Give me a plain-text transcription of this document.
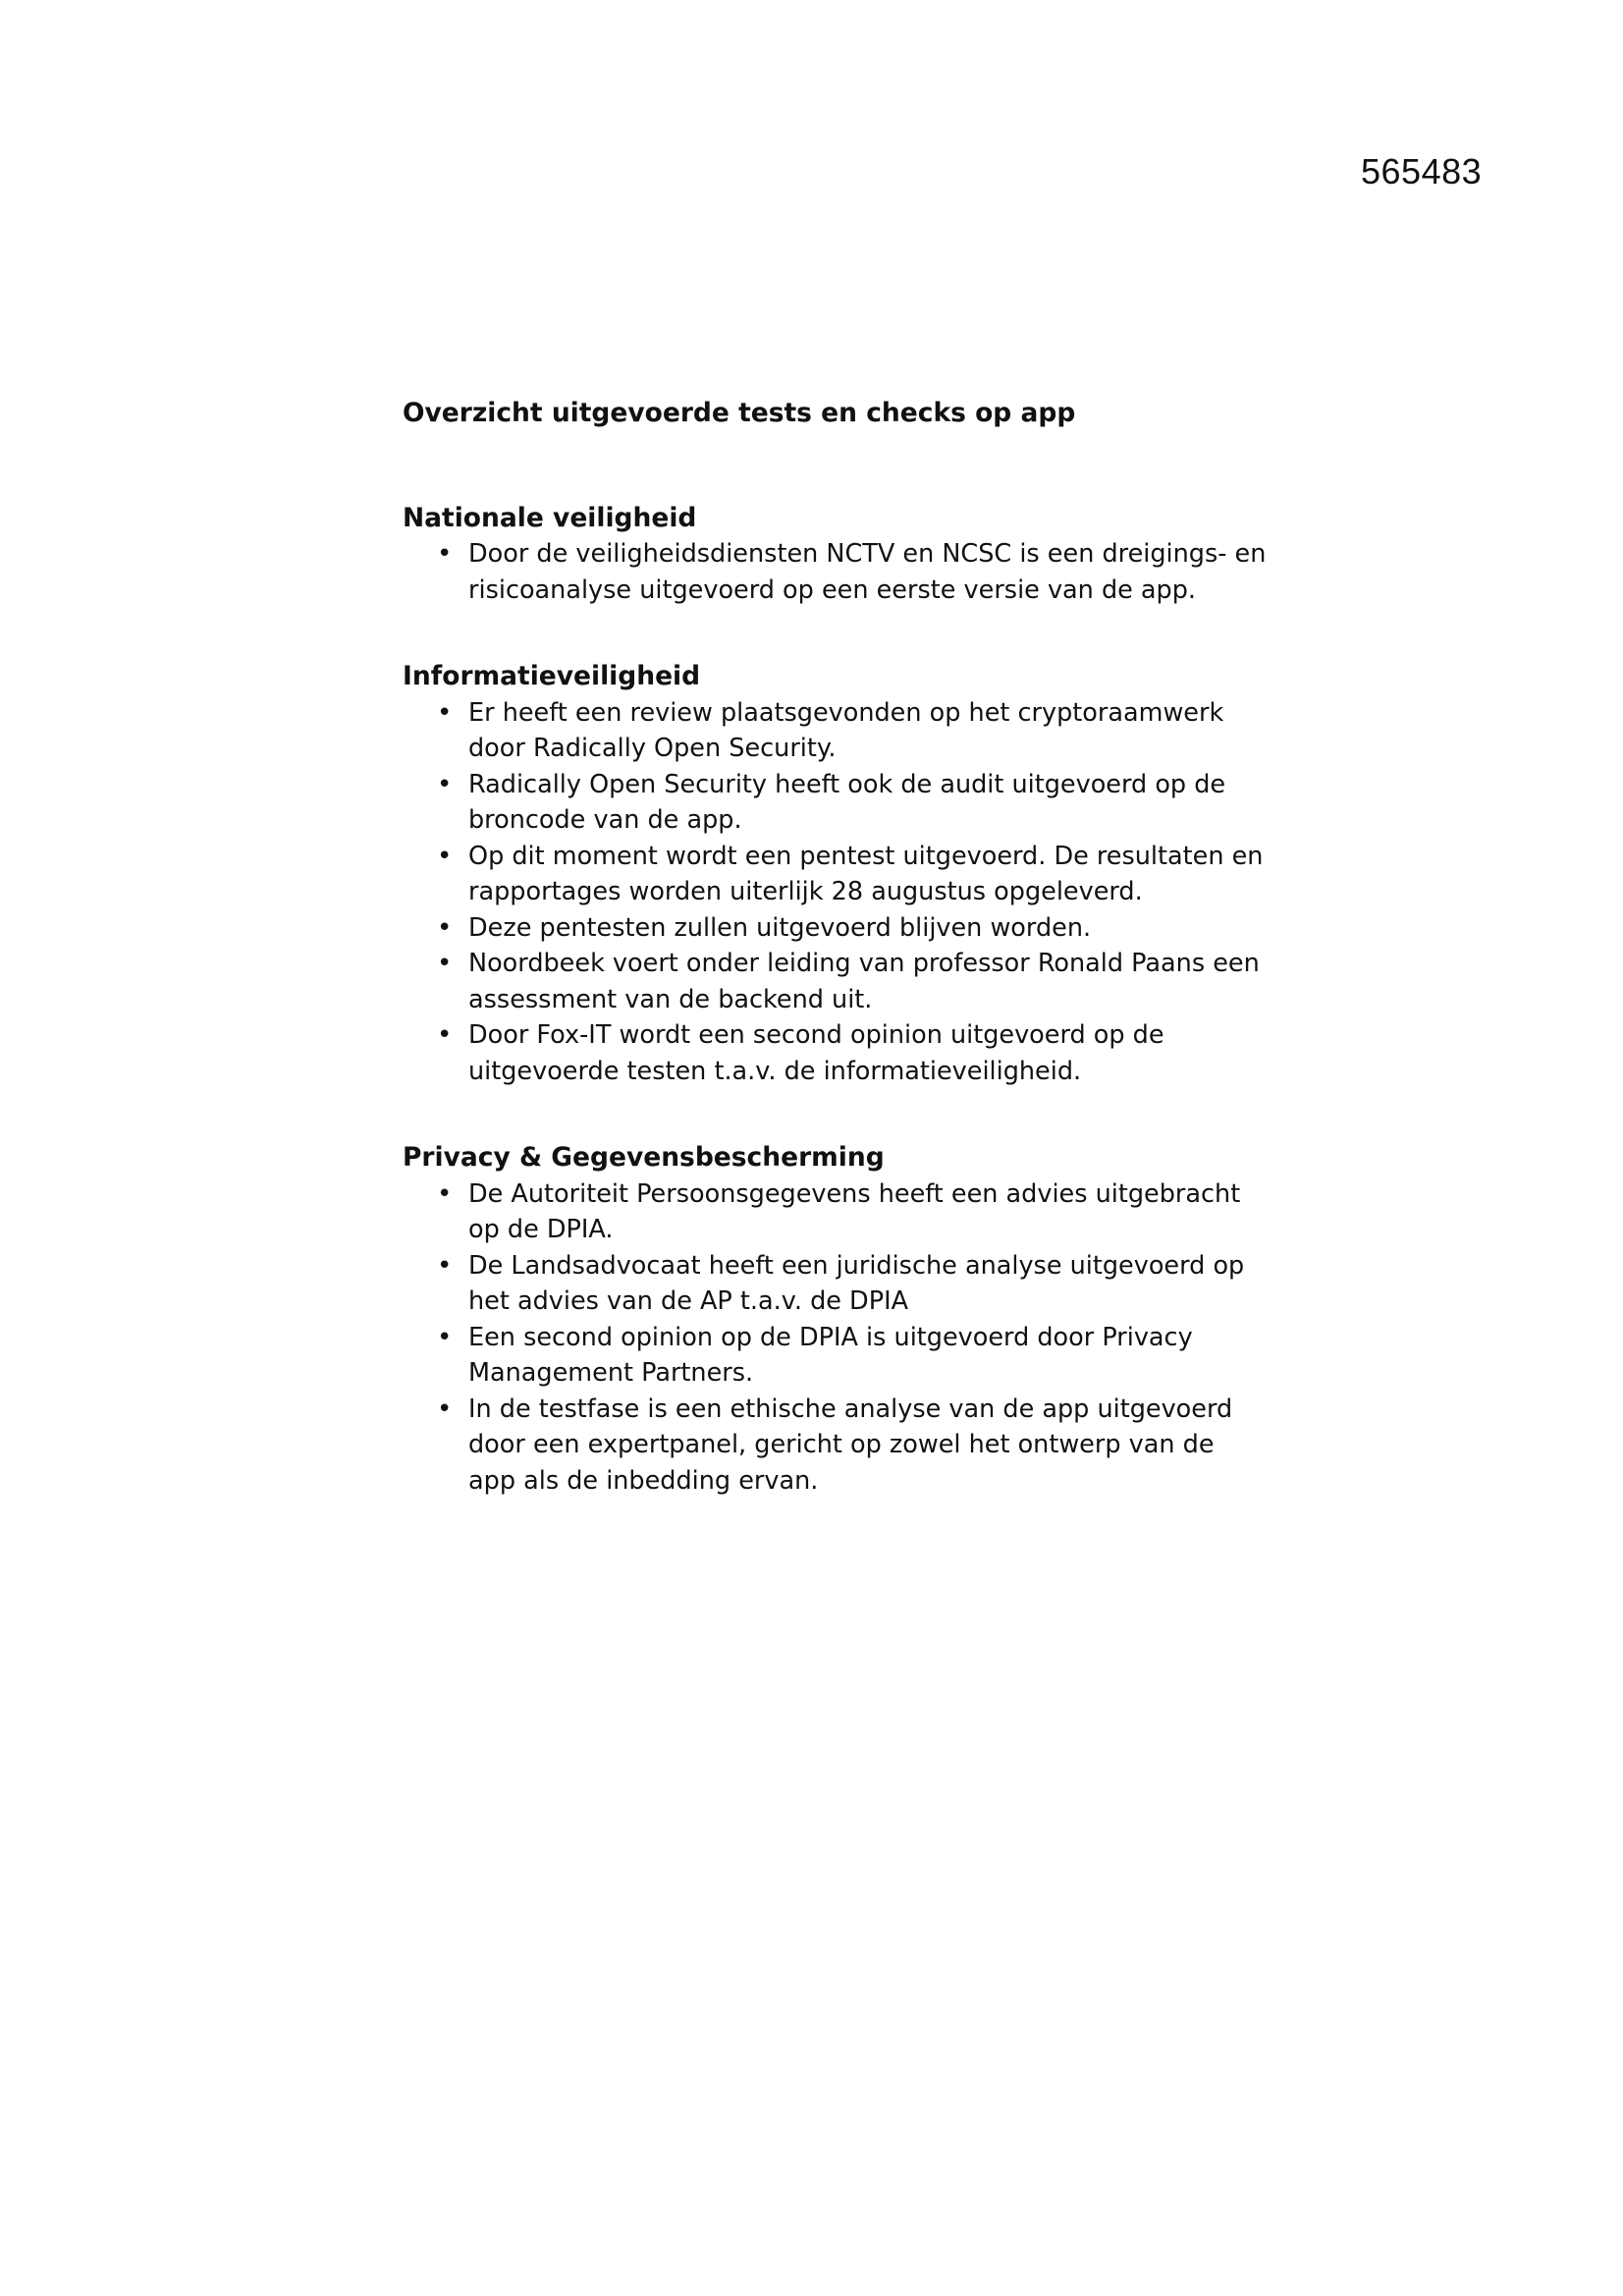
565483
Overzicht uitgevoerde tests en checks op app
Nationale veiligheid
• Door de veiligheidsdiensten NCTV en NCSC is een dreigings- en risicoanalyse uitgevoerd op een eerste versie van de app.
Informatieveiligheid
• Er heeft een review plaatsgevonden op het cryptoraamwerk door Radically Open Security.
• Radically Open Security heeft ook de audit uitgevoerd op de broncode van de app.
• Op dit moment wordt een pentest uitgevoerd. De resultaten en rapportages worden uiterlijk 28 augustus opgeleverd.
• Deze pentesten zullen uitgevoerd blijven worden.
• Noordbeek voert onder leiding van professor Ronald Paans een assessment van de backend uit.
• Door Fox-IT wordt een second opinion uitgevoerd op de uitgevoerde testen t.a.v. de informatieveiligheid.
Privacy & Gegevensbescherming
• De Autoriteit Persoonsgegevens heeft een advies uitgebracht op de DPIA.
• De Landsadvocaat heeft een juridische analyse uitgevoerd op het advies van de AP t.a.v. de DPIA
• Een second opinion op de DPIA is uitgevoerd door Privacy Management Partners.
• In de testfase is een ethische analyse van de app uitgevoerd door een expertpanel, gericht op zowel het ontwerp van de app als de inbedding ervan.
